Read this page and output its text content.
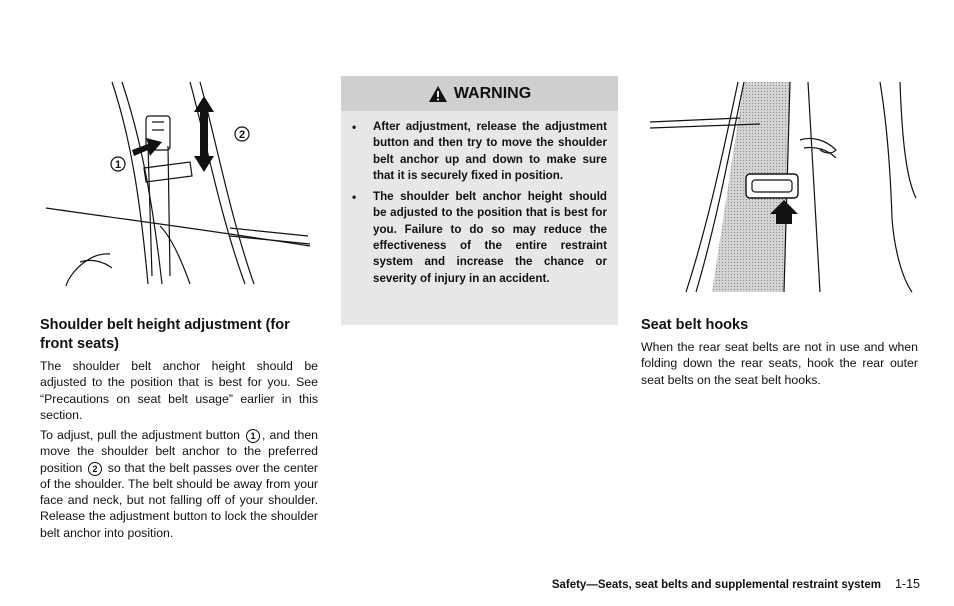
1
2
Shoulder belt height adjustment (for front seats)

The shoulder belt anchor height should be adjusted to the position that is best for you. See “Precautions on seat belt usage” earlier in this section.

To adjust, pull the adjustment button 1 , and then move the shoulder belt anchor to the preferred position 2 so that the belt passes over the center of the shoulder. The belt should be away from your face and neck, but not falling off of your shoulder. Release the adjustment button to lock the shoulder belt anchor into position.

WARNING
• After adjustment, release the adjustment button and then try to move the shoulder belt anchor up and down to make sure that it is securely fixed in position.
• The shoulder belt anchor height should be adjusted to the position that is best for you. Failure to do so may reduce the effectiveness of the entire restraint system and increase the chance or severity of injury in an accident.
Seat belt hooks

When the rear seat belts are not in use and when folding down the rear seats, hook the rear outer seat belts on the seat belt hooks.

Safety—Seats, seat belts and supplemental restraint system 1-15
